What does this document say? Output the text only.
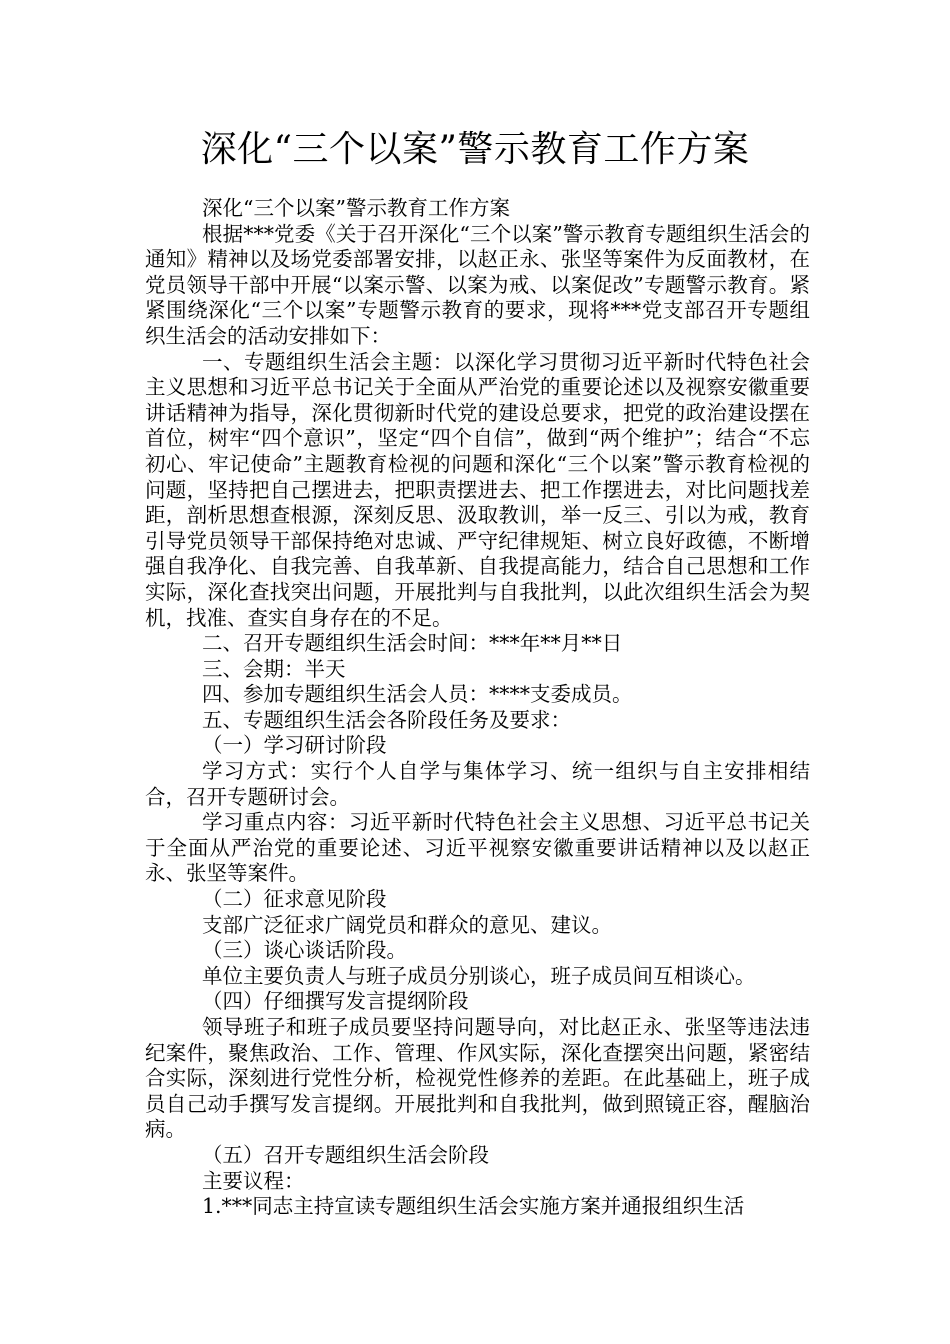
深化“三个以案”警示教育工作方案

深化“三个以案”警示教育工作方案

根据***党委《关于召开深化“三个以案”警示教育专题组织生活会的通知》精神以及场党委部署安排，以赵正永、张坚等案件为反面教材，在党员领导干部中开展“以案示警、以案为戒、以案促改”专题警示教育。紧紧围绕深化“三个以案”专题警示教育的要求，现将***党支部召开专题组织生活会的活动安排如下：

一、专题组织生活会主题：以深化学习贯彻习近平新时代特色社会主义思想和习近平总书记关于全面从严治党的重要论述以及视察安徽重要讲话精神为指导，深化贯彻新时代党的建设总要求，把党的政治建设摆在首位，树牢“四个意识”，坚定“四个自信”，做到“两个维护”；结合“不忘初心、牢记使命”主题教育检视的问题和深化“三个以案”警示教育检视的问题，坚持把自己摆进去，把职责摆进去、把工作摆进去，对比问题找差距，剖析思想查根源，深刻反思、汲取教训，举一反三、引以为戒，教育引导党员领导干部保持绝对忠诚、严守纪律规矩、树立良好政德，不断增强自我净化、自我完善、自我革新、自我提高能力，结合自己思想和工作实际，深化查找突出问题，开展批判与自我批判，以此次组织生活会为契机，找准、查实自身存在的不足。

二、召开专题组织生活会时间：***年**月**日

三、会期：半天

四、参加专题组织生活会人员：****支委成员。

五、专题组织生活会各阶段任务及要求：

（一）学习研讨阶段

学习方式：实行个人自学与集体学习、统一组织与自主安排相结合，召开专题研讨会。

学习重点内容：习近平新时代特色社会主义思想、习近平总书记关于全面从严治党的重要论述、习近平视察安徽重要讲话精神以及以赵正永、张坚等案件。

（二）征求意见阶段

支部广泛征求广阔党员和群众的意见、建议。

（三）谈心谈话阶段。

单位主要负责人与班子成员分别谈心，班子成员间互相谈心。

（四）仔细撰写发言提纲阶段

领导班子和班子成员要坚持问题导向，对比赵正永、张坚等违法违纪案件，聚焦政治、工作、管理、作风实际，深化查摆突出问题，紧密结合实际，深刻进行党性分析，检视党性修养的差距。在此基础上，班子成员自己动手撰写发言提纲。开展批判和自我批判，做到照镜正容，醒脑治病。

（五）召开专题组织生活会阶段

主要议程：

1.***同志主持宣读专题组织生活会实施方案并通报组织生活
